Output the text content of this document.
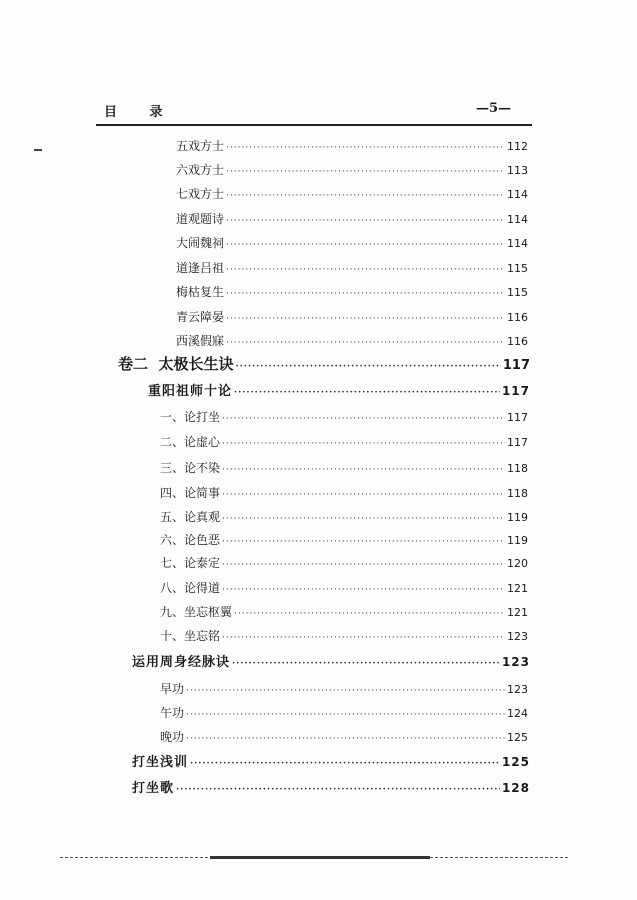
目 录	—5—
五戏方士 ·····	112
六戏方士 ·····	113
七戏方士 ·····	114
道观题诗 ·····	114
大闹魏祠 ·····	114
道逢吕祖 ·····	115
梅枯复生 ·····	115
青云障晏 ·····	116
西溪假寐 ·····	116
卷二  太极长生诀 ·····	117
重阳祖师十论 ·····	117
一、论打坐 ·····	117
二、论虚心 ·····	117
三、论不染 ·····	118
四、论简事 ·····	118
五、论真观 ·····	119
六、论色恶 ·····	119
七、论泰定 ·····	120
八、论得道 ·····	121
九、坐忘枢翼 ·····	121
十、坐忘铭 ·····	123
运用周身经脉诀 ·····	123
早功 ·····	123
午功 ·····	124
晚功 ·····	125
打坐浅训 ·····	125
打坐歌 ·····	128
